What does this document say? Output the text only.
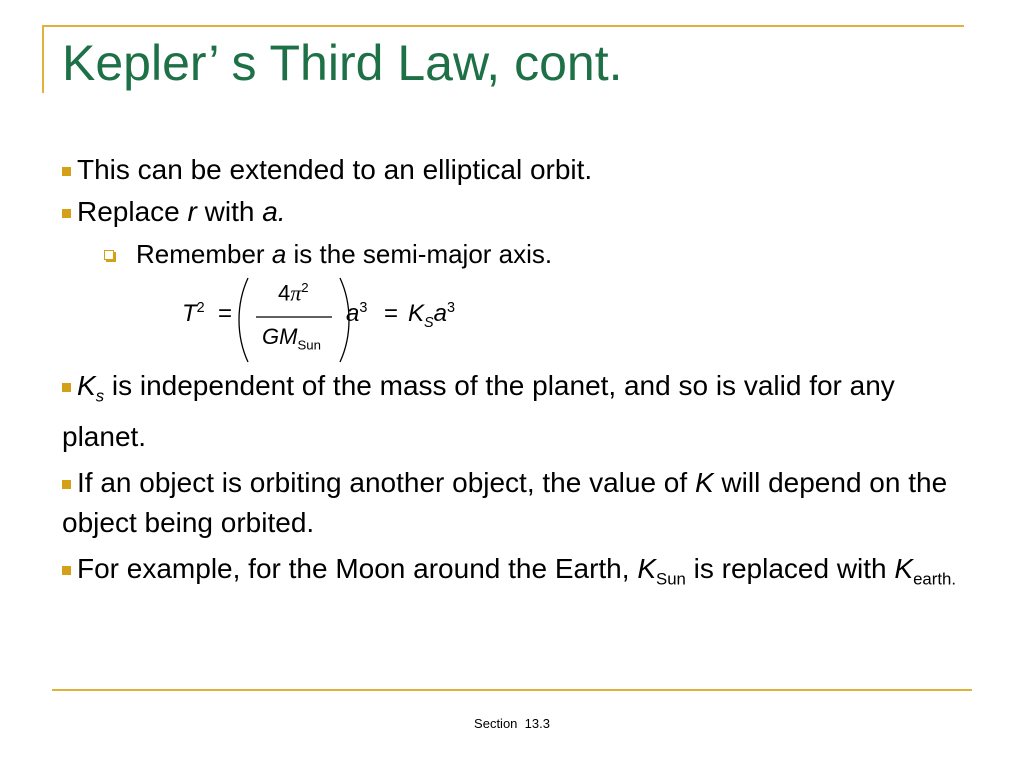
Kepler’ s Third Law, cont.
This can be extended to an elliptical orbit.
Replace r with a.
Remember a is the semi-major axis.
$T^2$ =
$4\pi^2$
$GM_{Sun}$
$a^3 = K_Sa^3$
$K_s$ is independent of the mass of the planet, and so is valid for any planet.
If an object is orbiting another object, the value of K will depend on the object being orbited.
For example, for the Moon around the Earth, $K_{Sun}$ is replaced with $K_{earth.}$
Section  13.3
